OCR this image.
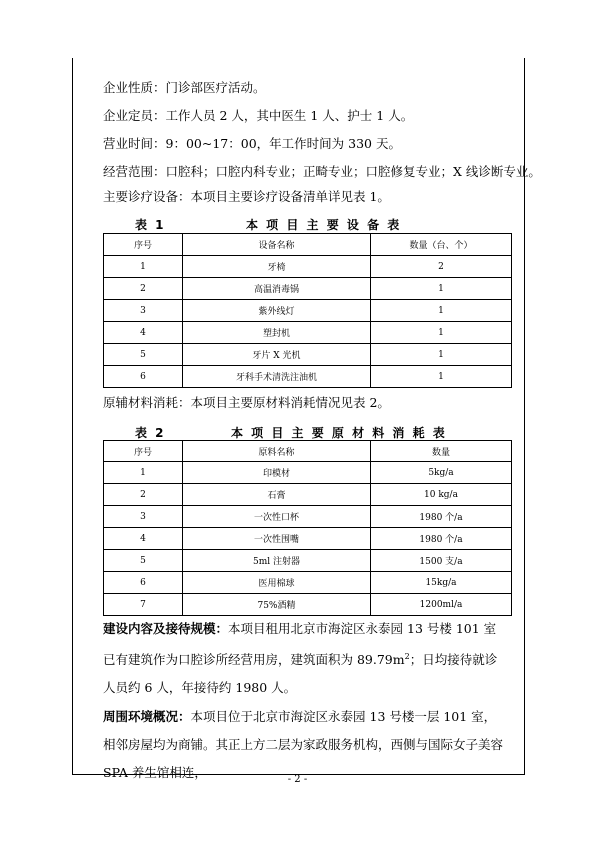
企业性质：门诊部医疗活动。
企业定员：工作人员 2 人，其中医生 1 人、护士 1 人。
营业时间：9：00~17：00，年工作时间为 330 天。
经营范围：口腔科；口腔内科专业；正畸专业；口腔修复专业；X 线诊断专业。
主要诊疗设备：本项目主要诊疗设备清单详见表 1。
表 1	本 项 目 主 要 设 备 表
序号	设备名称	数量（台、个）
1	牙椅	2
2	高温消毒锅	1
3	紫外线灯	1
4	塑封机	1
5	牙片 X 光机	1
6	牙科手术清洗注油机	1
原辅材料消耗：本项目主要原材料消耗情况见表 2。
表 2	本 项 目 主 要 原 材 料 消 耗 表
序号	原料名称	数量
1	印模材	5kg/a
2	石膏	10 kg/a
3	一次性口杯	1980 个/a
4	一次性围嘴	1980 个/a
5	5ml 注射器	1500 支/a
6	医用棉球	15kg/a
7	75%酒精	1200ml/a
建设内容及接待规模：本项目租用北京市海淀区永泰园 13 号楼 101 室已有建筑作为口腔诊所经营用房，建筑面积为 $89.79m^2$；日均接待就诊人员约 6 人，年接待约 1980 人。
周围环境概况：本项目位于北京市海淀区永泰园 13 号楼一层 101 室，相邻房屋均为商铺。其正上方二层为家政服务机构，西侧与国际女子美容 SPA 养生馆相连，	- 2 -
